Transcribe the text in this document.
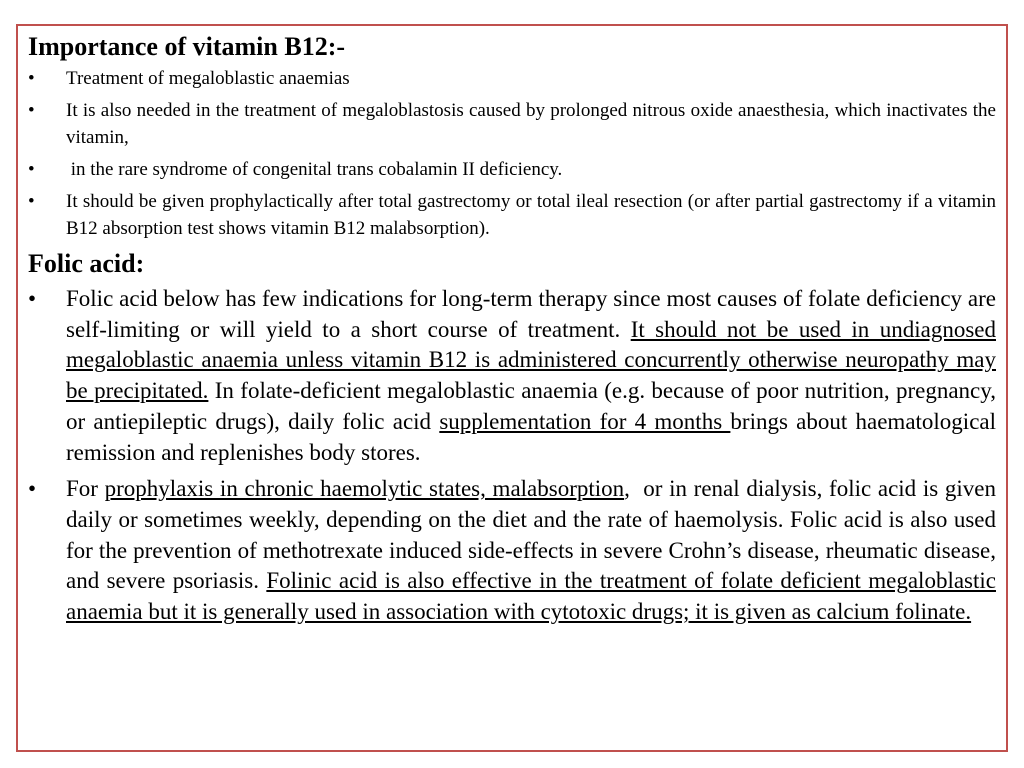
Importance of vitamin B12:-
• Treatment of megaloblastic anaemias
• It is also needed in the treatment of megaloblastosis caused by prolonged nitrous oxide anaesthesia, which inactivates the vitamin,
• in the rare syndrome of congenital trans cobalamin II deficiency.
• It should be given prophylactically after total gastrectomy or total ileal resection (or after partial gastrectomy if a vitamin B12 absorption test shows vitamin B12 malabsorption).
Folic acid:
• Folic acid below has few indications for long-term therapy since most causes of folate deficiency are self-limiting or will yield to a short course of treatment. It should not be used in undiagnosed megaloblastic anaemia unless vitamin B12 is administered concurrently otherwise neuropathy may be precipitated. In folate-deficient megaloblastic anaemia (e.g. because of poor nutrition, pregnancy, or antiepileptic drugs), daily folic acid supplementation for 4 months brings about haematological remission and replenishes body stores.
• For prophylaxis in chronic haemolytic states, malabsorption,  or in renal dialysis, folic acid is given daily or sometimes weekly, depending on the diet and the rate of haemolysis. Folic acid is also used for the prevention of methotrexate induced side-effects in severe Crohn’s disease, rheumatic disease, and severe psoriasis. Folinic acid is also effective in the treatment of folate deficient megaloblastic anaemia but it is generally used in association with cytotoxic drugs; it is given as calcium folinate.
